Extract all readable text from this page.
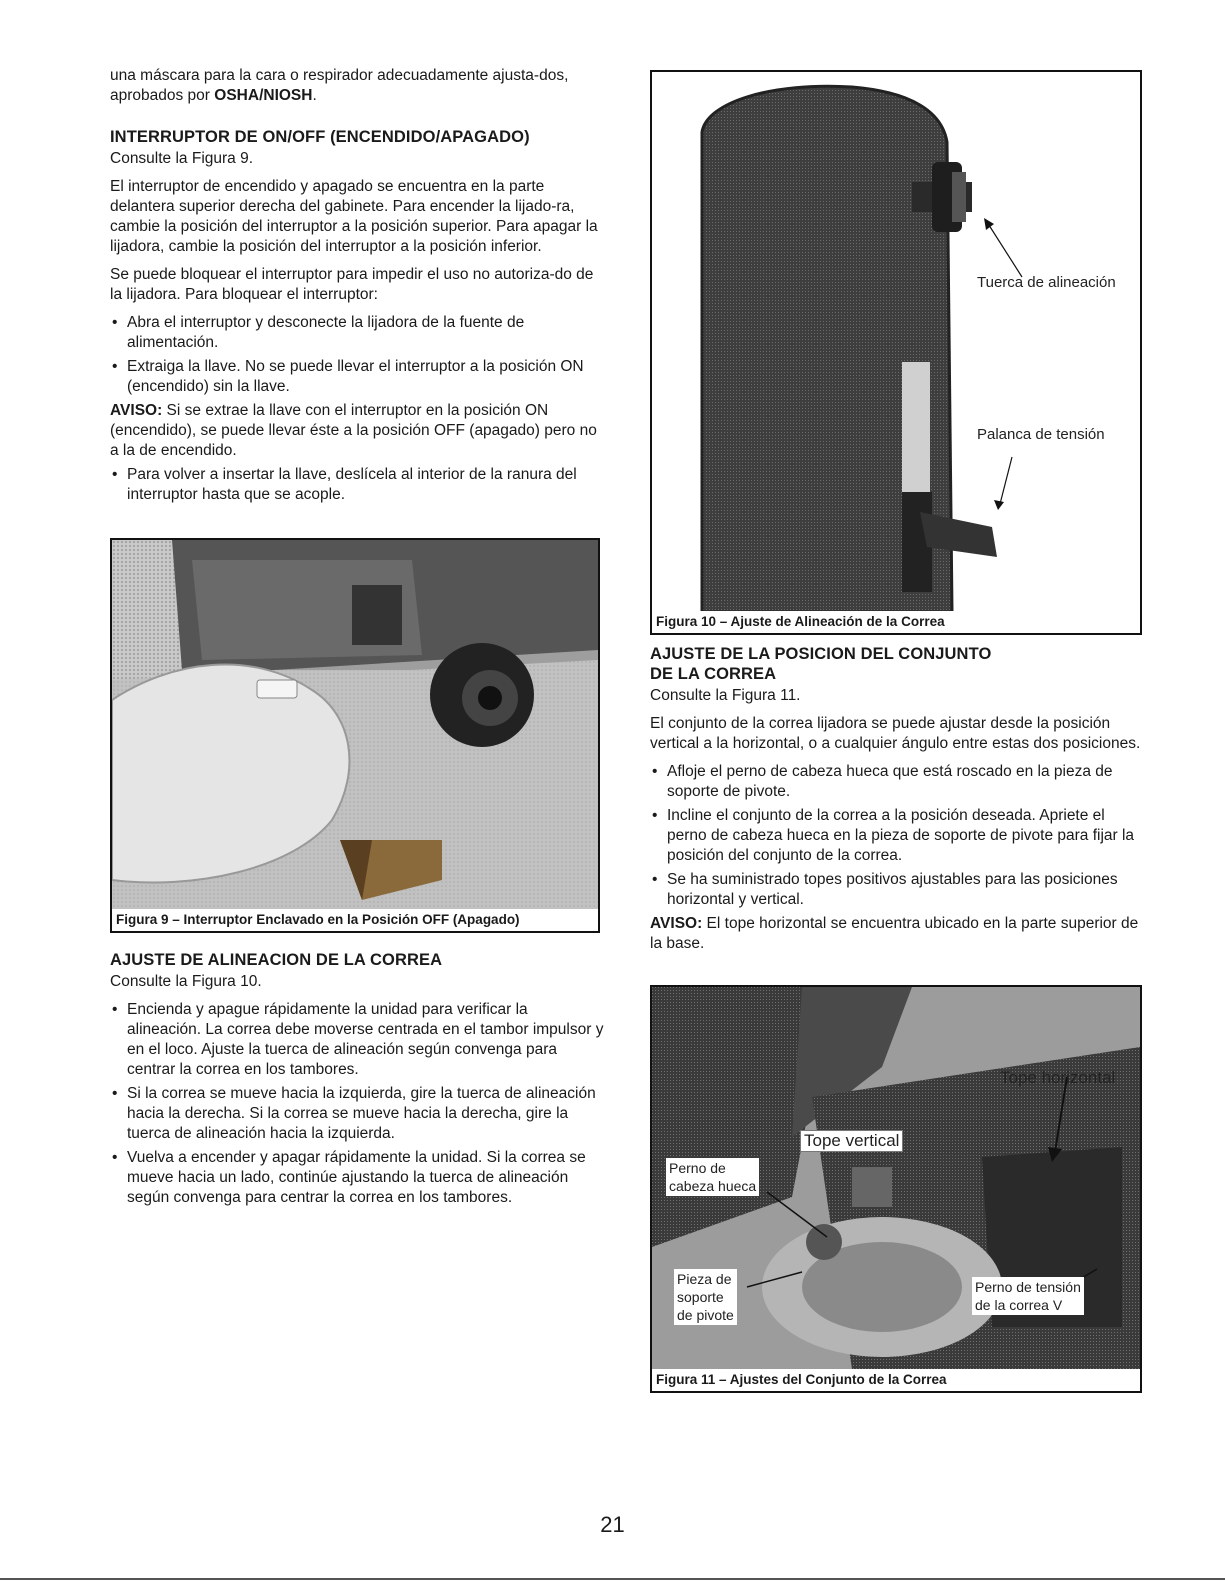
una máscara para la cara o respirador adecuadamente ajusta-dos, aprobados por OSHA/NIOSH.

INTERRUPTOR DE ON/OFF (ENCENDIDO/APAGADO)

Consulte la Figura 9.

El interruptor de encendido y apagado se encuentra en la parte delantera superior derecha del gabinete. Para encender la lijado-ra, cambie la posición del interruptor a la posición superior. Para apagar la lijadora, cambie la posición del interruptor a la posición inferior.

Se puede bloquear el interruptor para impedir el uso no autoriza-do de la lijadora. Para bloquear el interruptor:

• Abra el interruptor y desconecte la lijadora de la fuente de alimentación.
• Extraiga la llave. No se puede llevar el interruptor a la posición ON (encendido) sin la llave.

AVISO: Si se extrae la llave con el interruptor en la posición ON (encendido), se puede llevar éste a la posición OFF (apagado) pero no a la de encendido.

• Para volver a insertar la llave, deslícela al interior de la ranura del interruptor hasta que se acople.
Figura 9 – Interruptor Enclavado en la Posición OFF (Apagado)
AJUSTE DE ALINEACION DE LA CORREA

Consulte la Figura 10.

• Encienda y apague rápidamente la unidad para verificar la alineación. La correa debe moverse centrada en el tambor impulsor y en el loco. Ajuste la tuerca de alineación según convenga para centrar la correa en los tambores.
• Si la correa se mueve hacia la izquierda, gire la tuerca de alineación hacia la derecha. Si la correa se mueve hacia la derecha, gire la tuerca de alineación hacia la izquierda.
• Vuelva a encender y apagar rápidamente la unidad. Si la correa se mueve hacia un lado, continúe ajustando la tuerca de alineación según convenga para centrar la correa en los tambores.
Tuerca de alineación
Palanca de tensión
Figura 10 – Ajuste de Alineación de la Correa
AJUSTE DE LA POSICION DEL CONJUNTO
DE LA CORREA

Consulte la Figura 11.

El conjunto de la correa lijadora se puede ajustar desde la posición vertical a la horizontal, o a cualquier ángulo entre estas dos posiciones.

• Afloje el perno de cabeza hueca que está roscado en la pieza de soporte de pivote.
• Incline el conjunto de la correa a la posición deseada. Apriete el perno de cabeza hueca en la pieza de soporte de pivote para fijar la posición del conjunto de la correa.
• Se ha suministrado topes positivos ajustables para las posiciones horizontal y vertical.

AVISO: El tope horizontal se encuentra ubicado en la parte superior de la base.

Tope horizontal
Tope vertical
Perno de
cabeza hueca
Pieza de
soporte
de pivote
Perno de tensión
de la correa V
Figura 11 – Ajustes del Conjunto de la Correa
21
